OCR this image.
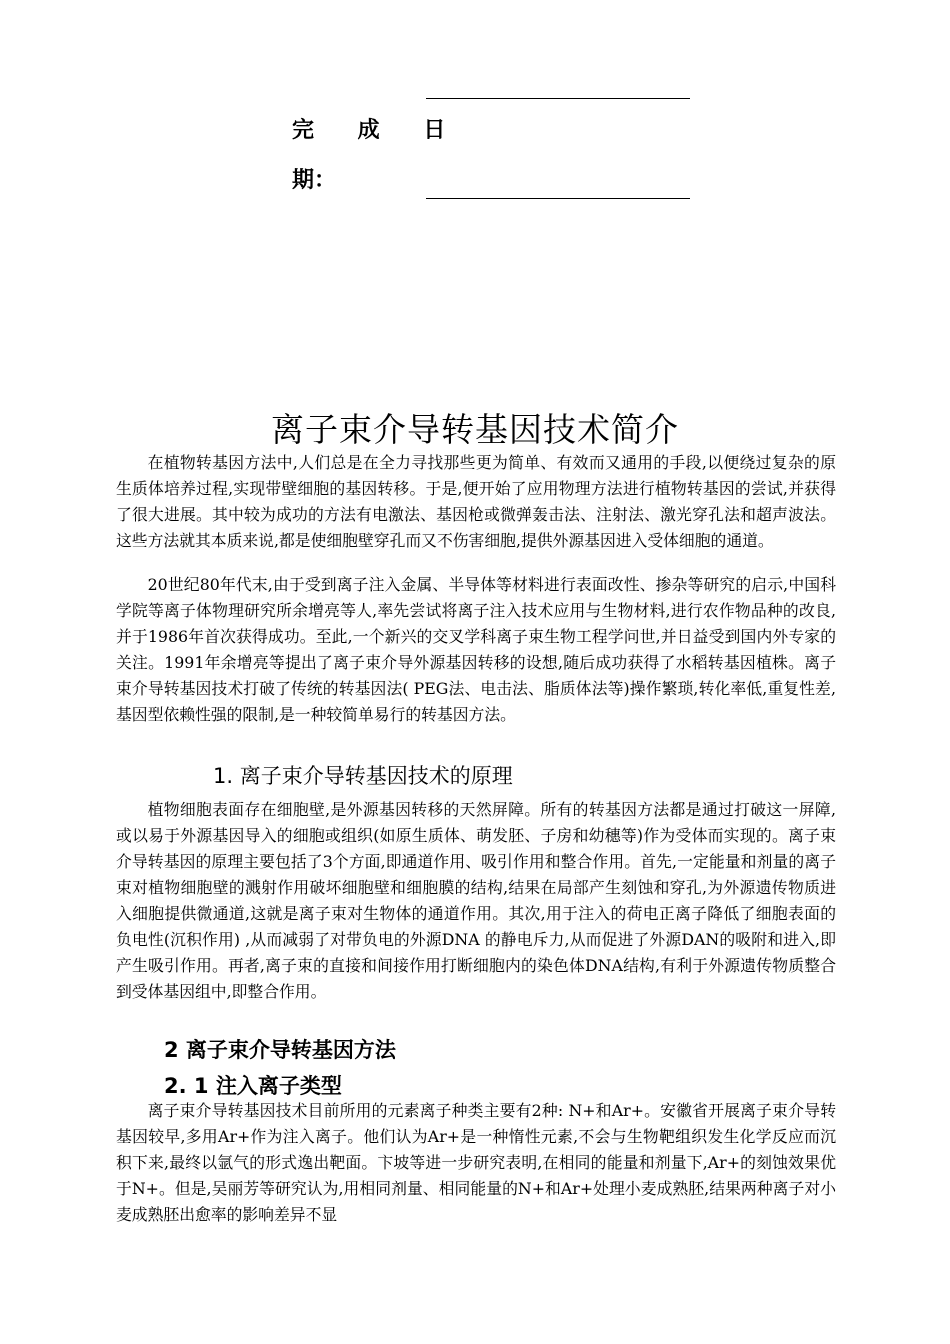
完 成 日
期：
离子束介导转基因技术简介

在植物转基因方法中,人们总是在全力寻找那些更为简单、有效而又通用的手段,以便绕过复杂的原生质体培养过程,实现带壁细胞的基因转移。于是,便开始了应用物理方法进行植物转基因的尝试,并获得了很大进展。其中较为成功的方法有电激法、基因枪或微弹轰击法、注射法、激光穿孔法和超声波法。这些方法就其本质来说,都是使细胞壁穿孔而又不伤害细胞,提供外源基因进入受体细胞的通道。

20世纪80年代末,由于受到离子注入金属、半导体等材料进行表面改性、掺杂等研究的启示,中国科学院等离子体物理研究所余增亮等人,率先尝试将离子注入技术应用与生物材料,进行农作物品种的改良,并于1986年首次获得成功。至此,一个新兴的交叉学科离子束生物工程学问世,并日益受到国内外专家的关注。1991年余增亮等提出了离子束介导外源基因转移的设想,随后成功获得了水稻转基因植株。离子束介导转基因技术打破了传统的转基因法( PEG法、电击法、脂质体法等)操作繁琐,转化率低,重复性差,基因型依赖性强的限制,是一种较简单易行的转基因方法。

1. 离子束介导转基因技术的原理

植物细胞表面存在细胞壁,是外源基因转移的天然屏障。所有的转基因方法都是通过打破这一屏障,或以易于外源基因导入的细胞或组织(如原生质体、萌发胚、子房和幼穗等)作为受体而实现的。离子束介导转基因的原理主要包括了3个方面,即通道作用、吸引作用和整合作用。首先,一定能量和剂量的离子束对植物细胞壁的溅射作用破坏细胞壁和细胞膜的结构,结果在局部产生刻蚀和穿孔,为外源遗传物质进入细胞提供微通道,这就是离子束对生物体的通道作用。其次,用于注入的荷电正离子降低了细胞表面的负电性(沉积作用) ,从而减弱了对带负电的外源DNA 的静电斥力,从而促进了外源DAN的吸附和进入,即产生吸引作用。再者,离子束的直接和间接作用打断细胞内的染色体DNA结构,有利于外源遗传物质整合到受体基因组中,即整合作用。

2 离子束介导转基因方法
2. 1 注入离子类型

离子束介导转基因技术目前所用的元素离子种类主要有2种: N+和Ar+。安徽省开展离子束介导转基因较早,多用Ar+作为注入离子。他们认为Ar+是一种惰性元素,不会与生物靶组织发生化学反应而沉积下来,最终以氩气的形式逸出靶面。卞坡等进一步研究表明,在相同的能量和剂量下,Ar+的刻蚀效果优于N+。但是,吴丽芳等研究认为,用相同剂量、相同能量的N+和Ar+处理小麦成熟胚,结果两种离子对小麦成熟胚出愈率的影响差异不显
